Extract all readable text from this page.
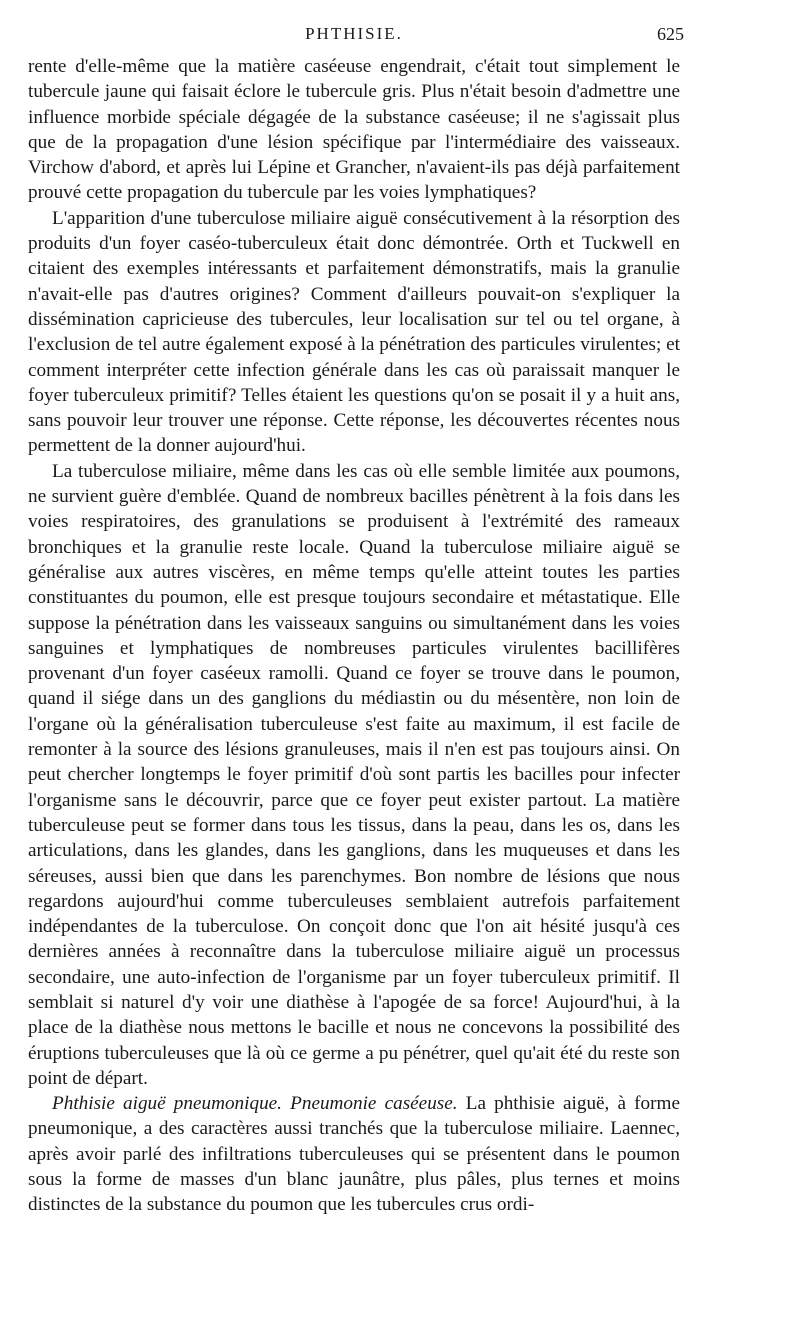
PHTHISIE.	625

rente d'elle-même que la matière caséeuse engendrait, c'était tout simplement le tubercule jaune qui faisait éclore le tubercule gris. Plus n'était besoin d'admettre une influence morbide spéciale dégagée de la substance caséeuse; il ne s'agissait plus que de la propagation d'une lésion spécifique par l'intermédiaire des vaisseaux. Virchow d'abord, et après lui Lépine et Grancher, n'avaient-ils pas déjà parfaitement prouvé cette propagation du tubercule par les voies lymphatiques?

L'apparition d'une tuberculose miliaire aiguë consécutivement à la résorption des produits d'un foyer caséo-tuberculeux était donc démontrée. Orth et Tuckwell en citaient des exemples intéressants et parfaitement démonstratifs, mais la granulie n'avait-elle pas d'autres origines? Comment d'ailleurs pouvait-on s'expliquer la dissémination capricieuse des tubercules, leur localisation sur tel ou tel organe, à l'exclusion de tel autre également exposé à la pénétration des particules virulentes; et comment interpréter cette infection générale dans les cas où paraissait manquer le foyer tuberculeux primitif? Telles étaient les questions qu'on se posait il y a huit ans, sans pouvoir leur trouver une réponse. Cette réponse, les découvertes récentes nous permettent de la donner aujourd'hui.

La tuberculose miliaire, même dans les cas où elle semble limitée aux poumons, ne survient guère d'emblée. Quand de nombreux bacilles pénètrent à la fois dans les voies respiratoires, des granulations se produisent à l'extrémité des rameaux bronchiques et la granulie reste locale. Quand la tuberculose miliaire aiguë se généralise aux autres viscères, en même temps qu'elle atteint toutes les parties constituantes du poumon, elle est presque toujours secondaire et métastatique. Elle suppose la pénétration dans les vaisseaux sanguins ou simultanément dans les voies sanguines et lymphatiques de nombreuses particules virulentes bacillifères provenant d'un foyer caséeux ramolli. Quand ce foyer se trouve dans le poumon, quand il siége dans un des ganglions du médiastin ou du mésentère, non loin de l'organe où la généralisation tuberculeuse s'est faite au maximum, il est facile de remonter à la source des lésions granuleuses, mais il n'en est pas toujours ainsi. On peut chercher longtemps le foyer primitif d'où sont partis les bacilles pour infecter l'organisme sans le découvrir, parce que ce foyer peut exister partout. La matière tuberculeuse peut se former dans tous les tissus, dans la peau, dans les os, dans les articulations, dans les glandes, dans les ganglions, dans les muqueuses et dans les séreuses, aussi bien que dans les parenchymes. Bon nombre de lésions que nous regardons aujourd'hui comme tuberculeuses semblaient autrefois parfaitement indépendantes de la tuberculose. On conçoit donc que l'on ait hésité jusqu'à ces dernières années à reconnaître dans la tuberculose miliaire aiguë un processus secondaire, une auto-infection de l'organisme par un foyer tuberculeux primitif. Il semblait si naturel d'y voir une diathèse à l'apogée de sa force! Aujourd'hui, à la place de la diathèse nous mettons le bacille et nous ne concevons la possibilité des éruptions tuberculeuses que là où ce germe a pu pénétrer, quel qu'ait été du reste son point de départ.

Phthisie aiguë pneumonique. Pneumonie caséeuse. La phthisie aiguë, à forme pneumonique, a des caractères aussi tranchés que la tuberculose miliaire. Laennec, après avoir parlé des infiltrations tuberculeuses qui se présentent dans le poumon sous la forme de masses d'un blanc jaunâtre, plus pâles, plus ternes et moins distinctes de la substance du poumon que les tubercules crus ordi-
